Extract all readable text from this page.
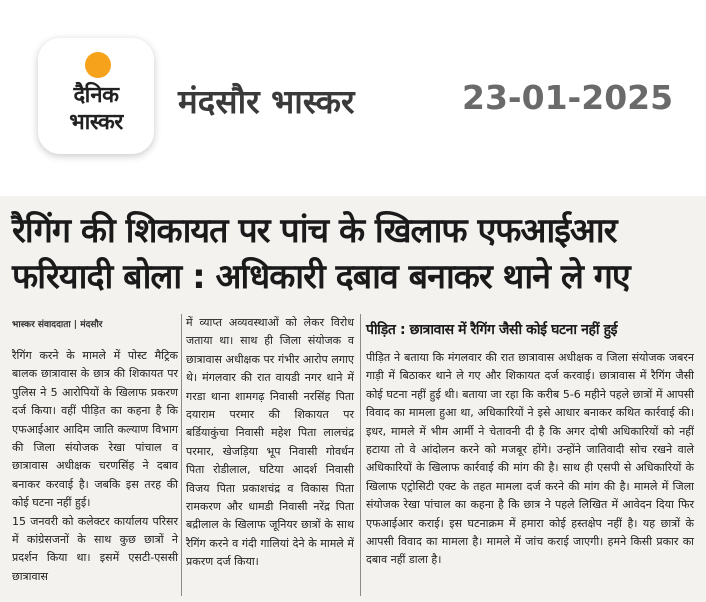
दैनिक
भास्कर
मंदसौर भास्कर	23-01-2025
रैगिंग की शिकायत पर पांच के खिलाफ एफआईआर
फरियादी बोला : अधिकारी दबाव बनाकर थाने ले गए
भास्कर संवाददाता | मंदसौर
रैगिंग करने के मामले में पोस्ट मैट्रिक बालक छात्रावास के छात्र की शिकायत पर पुलिस ने 5 आरोपियों के खिलाफ प्रकरण दर्ज किया। वहीं पीड़ित का कहना है कि एफआईआर आदिम जाति कल्याण विभाग की जिला संयोजक रेखा पांचाल व छात्रावास अधीक्षक चरणसिंह ने दबाव बनाकर करवाई है। जबकि इस तरह की कोई घटना नहीं हुई।
15 जनवरी को कलेक्टर कार्यालय परिसर में कांग्रेसजनों के साथ कुछ छात्रों ने प्रदर्शन किया था। इसमें एसटी-एससी छात्रावास
में व्याप्त अव्यवस्थाओं को लेकर विरोध जताया था। साथ ही जिला संयोजक व छात्रावास अधीक्षक पर गंभीर आरोप लगाए थे। मंगलवार की रात वायडी नगर थाने में गरडा थाना शामगढ़ निवासी नरसिंह पिता दयाराम परमार की शिकायत पर बर्डियाकुंचा निवासी महेश पिता लालचंद्र परमार, खेजड़िया भूप निवासी गोवर्धन पिता रोडीलाल, घटिया आदर्श निवासी विजय पिता प्रकाशचंद्र व विकास पिता रामकरण और धामडी निवासी नरेंद्र पिता बद्रीलाल के खिलाफ जूनियर छात्रों के साथ रैगिंग करने व गंदी गालियां देने के मामले में प्रकरण दर्ज किया।
पीड़ित : छात्रावास में रैगिंग जैसी कोई घटना नहीं हुई
पीड़ित ने बताया कि मंगलवार की रात छात्रावास अधीक्षक व जिला संयोजक जबरन गाड़ी में बिठाकर थाने ले गए और शिकायत दर्ज करवाई। छात्रावास में रैगिंग जैसी कोई घटना नहीं हुई थी। बताया जा रहा कि करीब 5-6 महीने पहले छात्रों में आपसी विवाद का मामला हुआ था, अधिकारियों ने इसे आधार बनाकर कथित कार्रवाई की। इधर, मामले में भीम आर्मी ने चेतावनी दी है कि अगर दोषी अधिकारियों को नहीं हटाया तो वे आंदोलन करने को मजबूर होंगे। उन्होंने जातिवादी सोच रखने वाले अधिकारियों के खिलाफ कार्रवाई की मांग की है। साथ ही एसपी से अधिकारियों के खिलाफ एट्रोसिटी एक्ट के तहत मामला दर्ज करने की मांग की है। मामले में जिला संयोजक रेखा पांचाल का कहना है कि छात्र ने पहले लिखित में आवेदन दिया फिर एफआईआर कराई। इस घटनाक्रम में हमारा कोई हस्तक्षेप नहीं है। यह छात्रों के आपसी विवाद का मामला है। मामले में जांच कराई जाएगी। हमने किसी प्रकार का दबाव नहीं डाला है।
